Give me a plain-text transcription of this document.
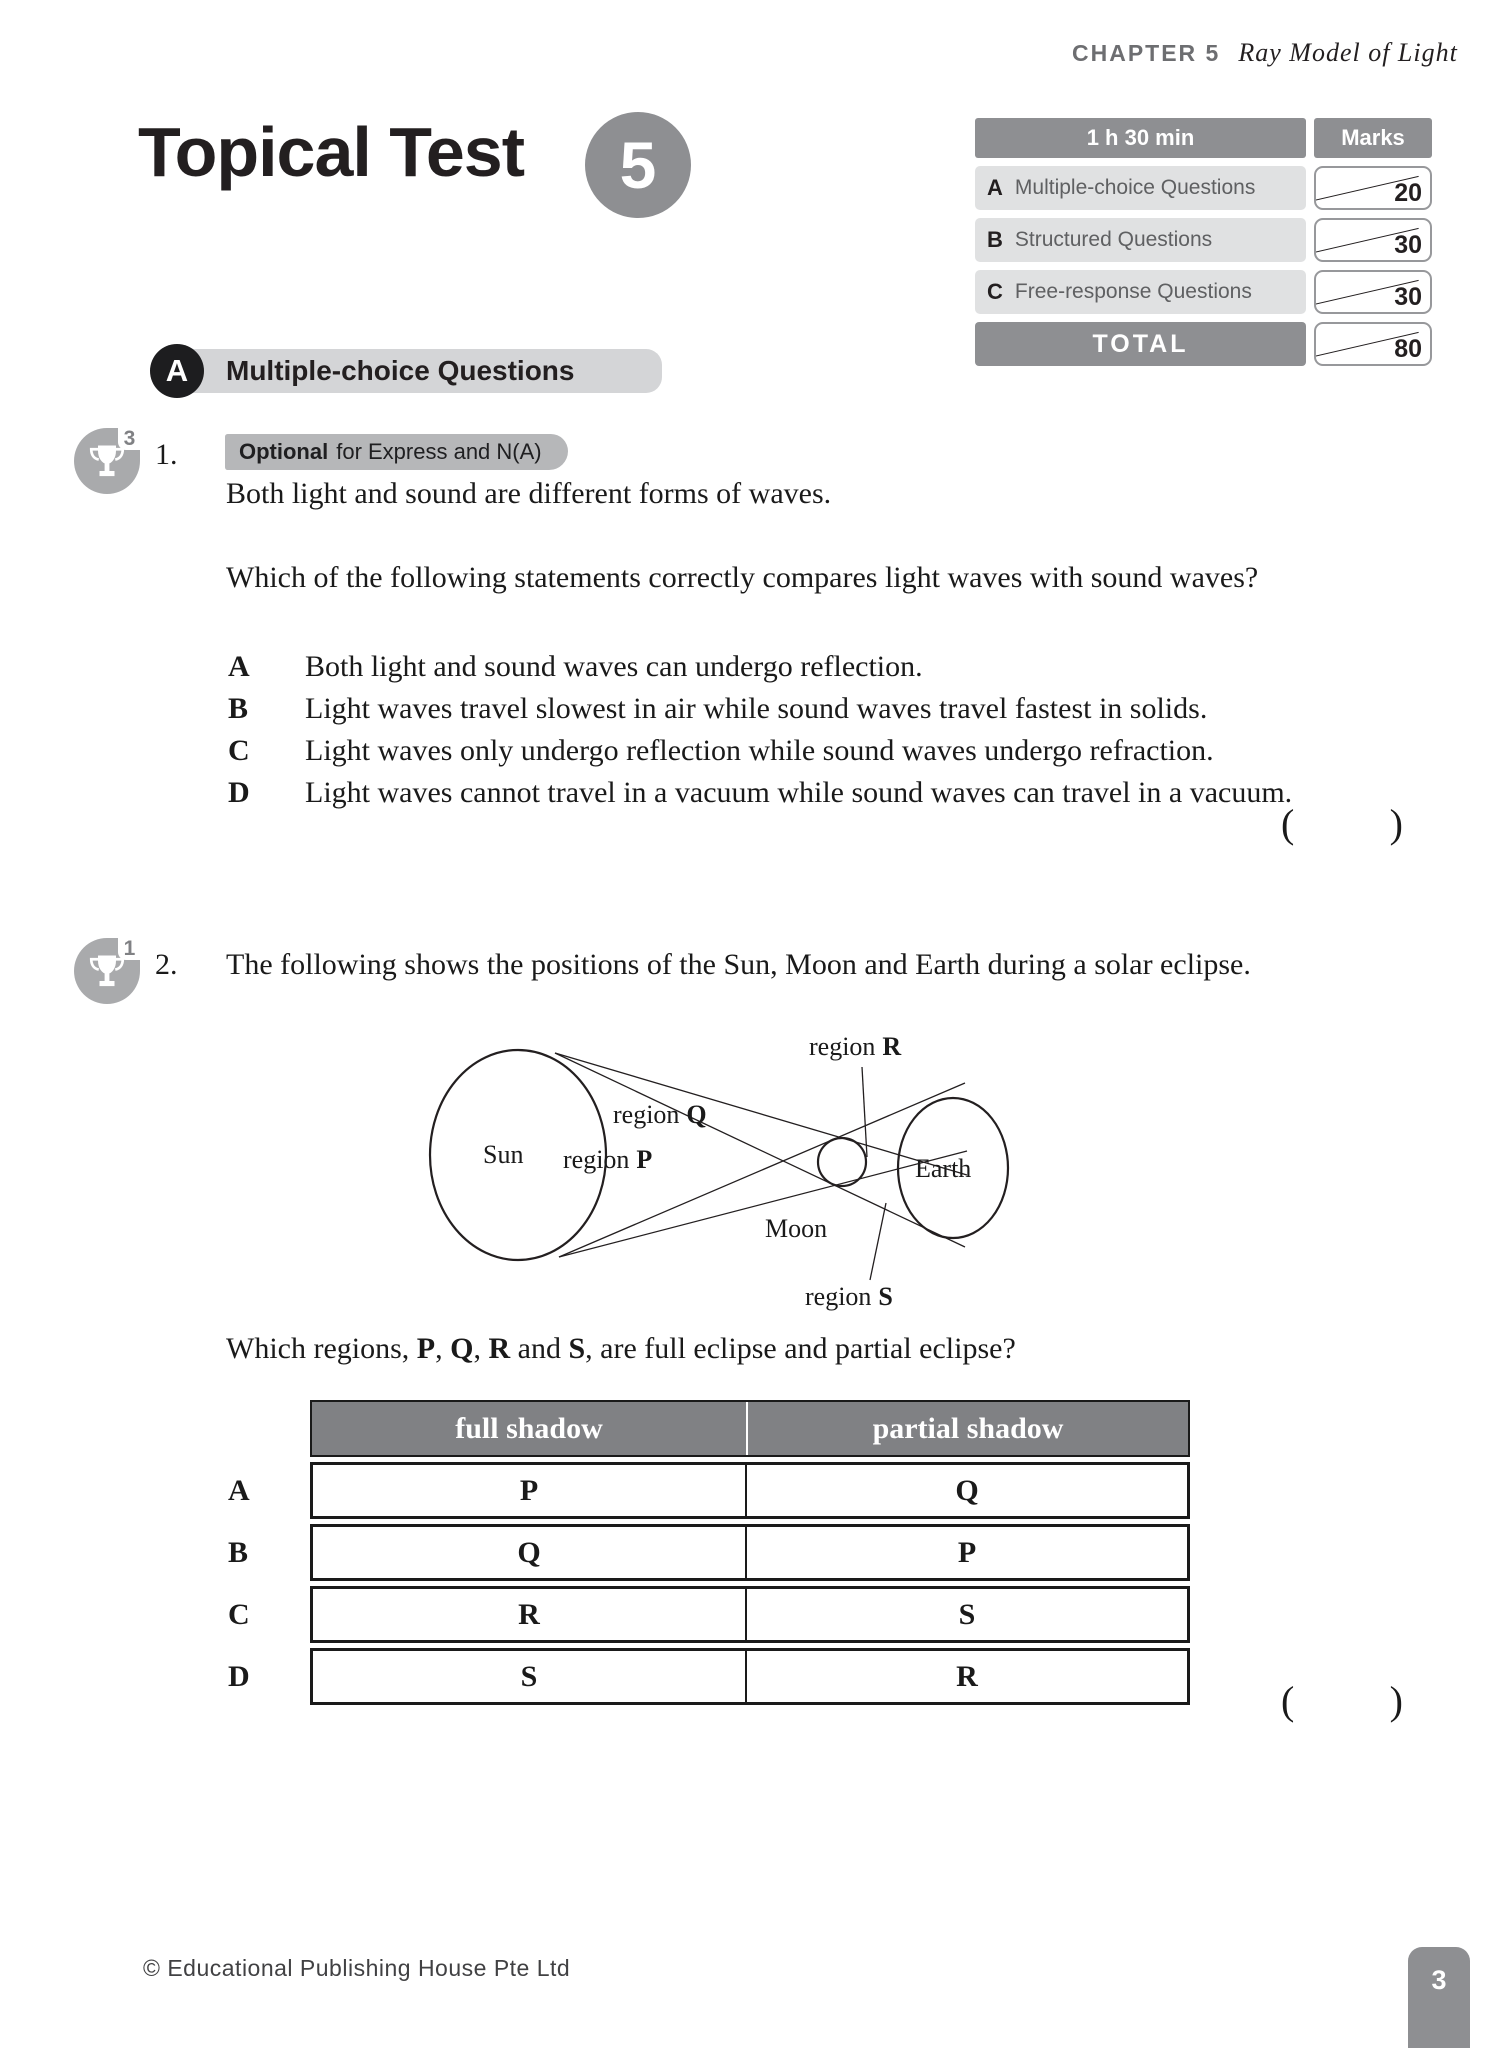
CHAPTER 5 Ray Model of Light
1 h 30 min	Marks
A Multiple-choice Questions	20
B Structured Questions	30
C Free-response Questions	30
TOTAL	80
Topical Test 5
Multiple-choice Questions
A
3 1.	Optional for Express and N(A)
Both light and sound are different forms of waves.
Which of the following statements correctly compares light waves with sound waves?
A	Both light and sound waves can undergo reflection.
B	Light waves travel slowest in air while sound waves travel fastest in solids.
C	Light waves only undergo reflection while sound waves undergo refraction.
D	Light waves cannot travel in a vacuum while sound waves can travel in a vacuum.
( )
1 2. The following shows the positions of the Sun, Moon and Earth during a solar eclipse.
Sun	Earth
Moon
region Q
region P
region R
region S
Which regions, P, Q, R and S, are full eclipse and partial eclipse?
full shadow	partial shadow
A	P	Q
B	Q	P
C	R	S
D	S	R
( )
© Educational Publishing House Pte Ltd	3
